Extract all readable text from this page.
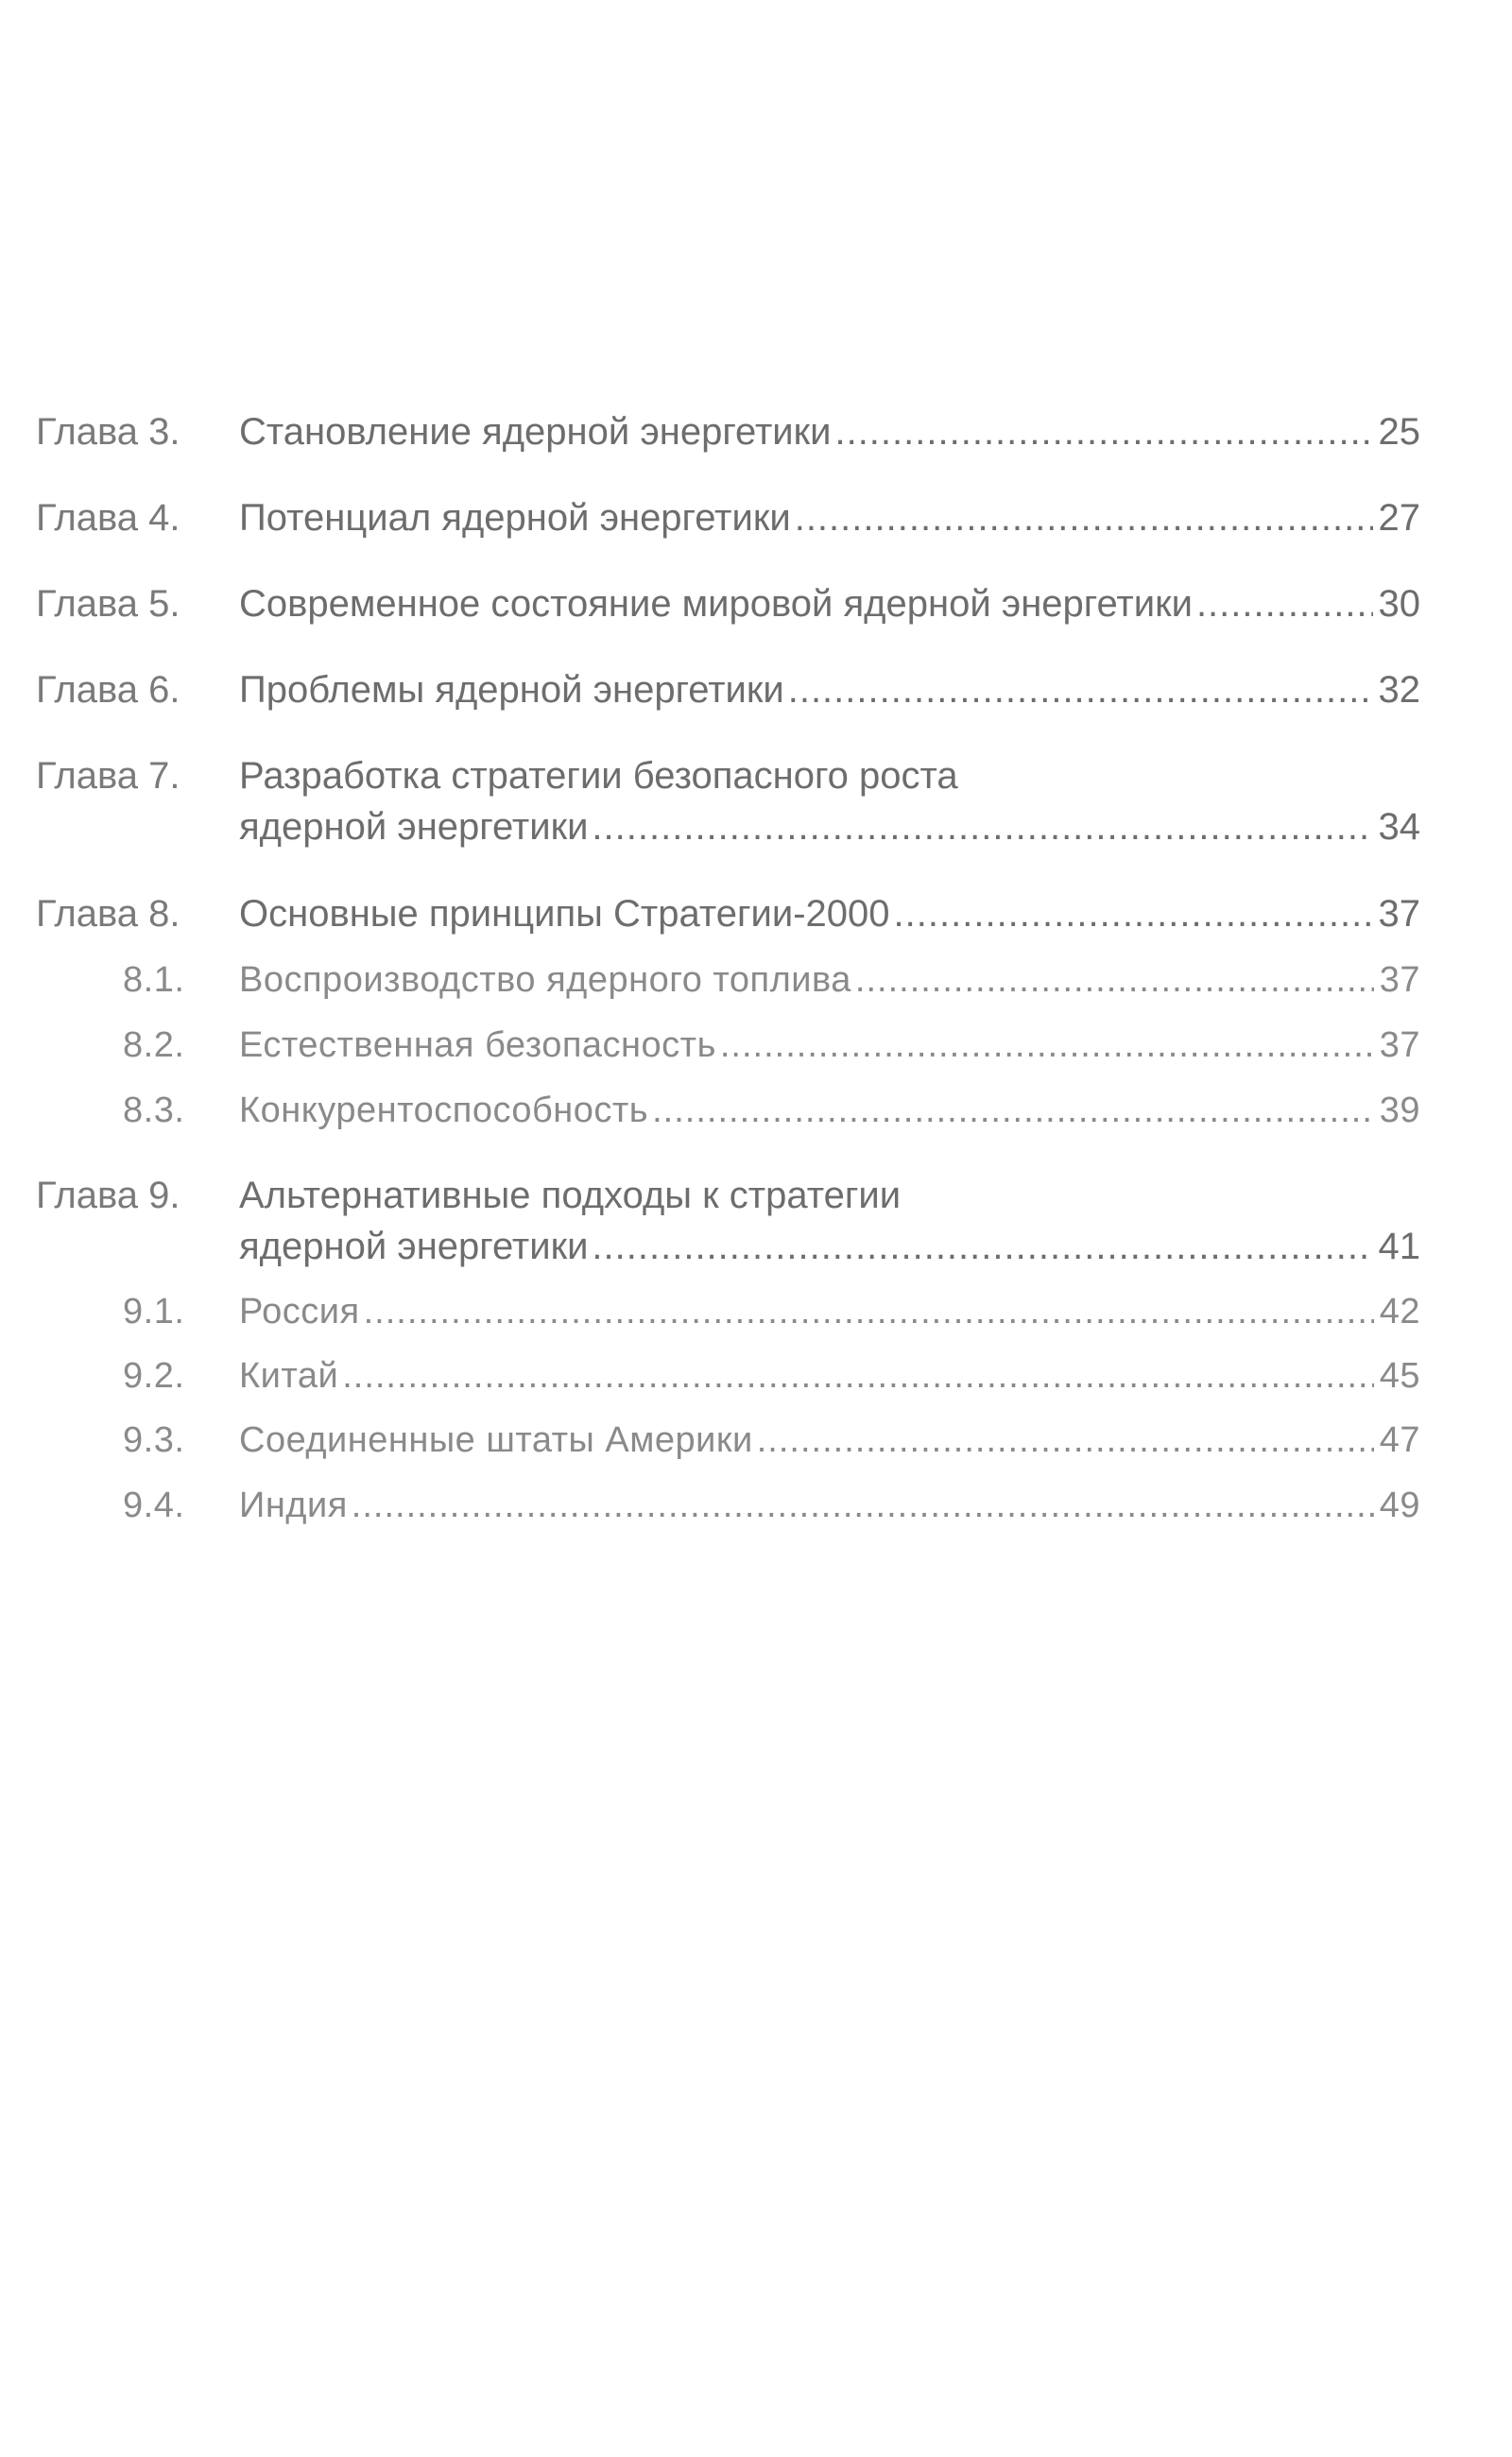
Глава 3. Становление ядерной энергетики .....	25
Глава 4. Потенциал ядерной энергетики .....	27
Глава 5. Современное состояние мировой ядерной энергетики .....	30
Глава 6. Проблемы ядерной энергетики .....	32
Глава 7. Разработка стратегии безопасного роста
ядерной энергетики .....	34
Глава 8. Основные принципы Стратегии-2000 .....	37
8.1. Воспроизводство ядерного топлива .....	37
8.2. Естественная безопасность .....	37
8.3. Конкурентоспособность .....	39
Глава 9. Альтернативные подходы к стратегии
ядерной энергетики .....	41
9.1. Россия .....	42
9.2. Китай .....	45
9.3. Соединенные штаты Америки .....	47
9.4. Индия .....	49
